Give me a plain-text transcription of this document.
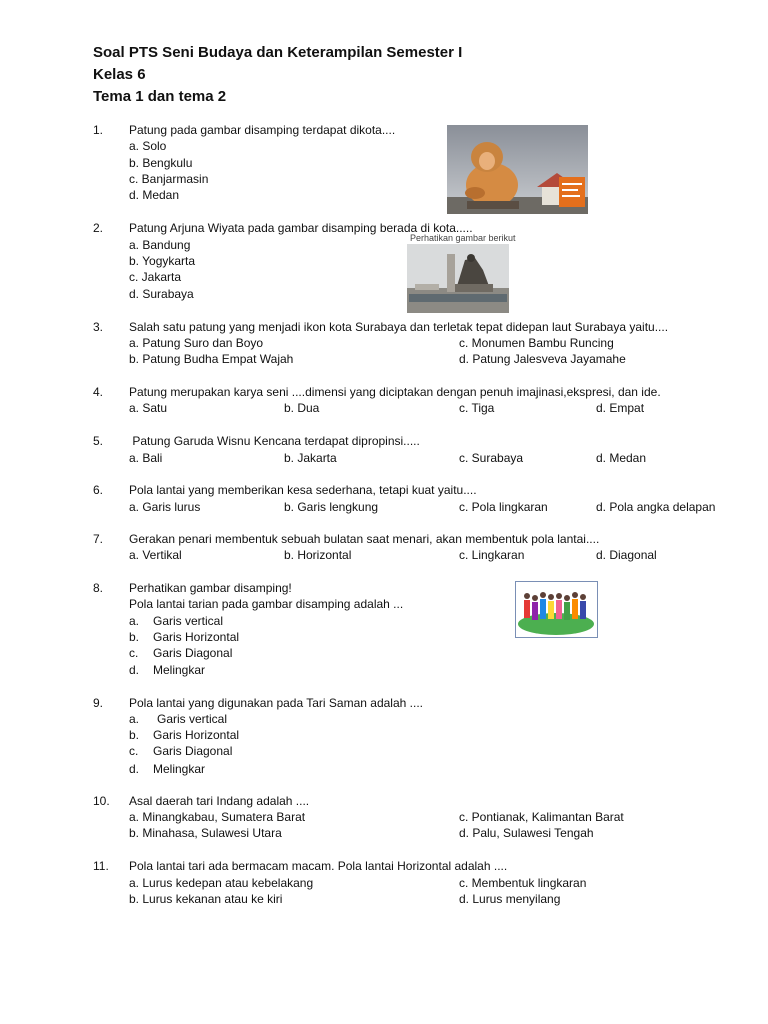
Soal PTS Seni Budaya dan Keterampilan Semester I
Kelas 6
Tema 1 dan tema 2
1. Patung pada gambar disamping terdapat dikota....
a. Solo
b. Bengkulu
c. Banjarmasin
d. Medan
2. Patung Arjuna Wiyata pada gambar disamping berada di kota.....
a. Bandung
b. Yogykarta
c. Jakarta
d. Surabaya
Perhatikan gambar berikut
3. Salah satu patung yang menjadi ikon kota Surabaya dan terletak tepat didepan laut Surabaya yaitu....
a. Patung Suro dan Boyo	c. Monumen Bambu Runcing
b. Patung Budha Empat Wajah	d. Patung Jalesveva Jayamahe
4. Patung merupakan karya seni ....dimensi yang diciptakan dengan penuh imajinasi,ekspresi, dan ide.
a. Satu	b. Dua	c. Tiga	d. Empat
5. Patung Garuda Wisnu Kencana terdapat dipropinsi.....
a. Bali	b. Jakarta	c. Surabaya	d. Medan
6. Pola lantai yang memberikan kesa sederhana, tetapi kuat yaitu....
a. Garis lurus	b. Garis lengkung	c. Pola lingkaran	d. Pola angka delapan
7. Gerakan penari membentuk sebuah bulatan saat menari, akan membentuk pola lantai....
a. Vertikal	b. Horizontal	c. Lingkaran	d. Diagonal
8. Perhatikan gambar disamping!
Pola lantai tarian pada gambar disamping adalah ...
a. Garis vertical
b. Garis Horizontal
c. Garis Diagonal
d. Melingkar
9. Pola lantai yang digunakan pada Tari Saman adalah ....
a. Garis vertical
b. Garis Horizontal
c. Garis Diagonal
d. Melingkar
10. Asal daerah tari Indang adalah ....
a. Minangkabau, Sumatera Barat	c. Pontianak, Kalimantan Barat
b. Minahasa, Sulawesi Utara	d. Palu, Sulawesi Tengah
11. Pola lantai tari ada bermacam macam. Pola lantai Horizontal adalah ....
a. Lurus kedepan atau kebelakang	c. Membentuk lingkaran
b. Lurus kekanan atau ke kiri	d. Lurus menyilang
